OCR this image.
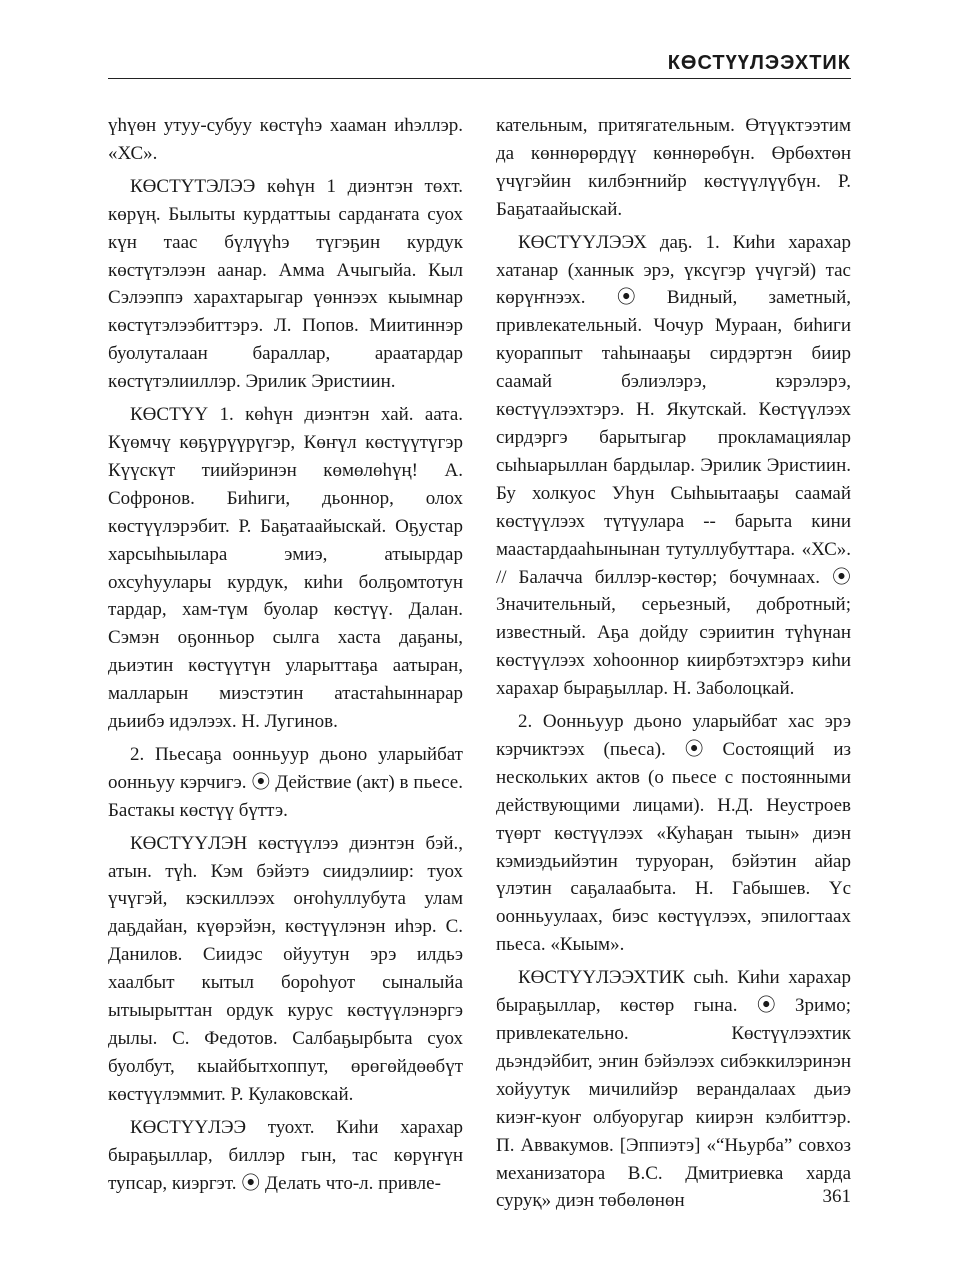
КӨСТҮҮЛЭЭХТИК

үһүөн утуу-субуу көстүһэ хааман иһэллэр. «ХС».

КӨСТҮТЭЛЭЭ көһүн 1 диэнтэн төхт. көрүң. Былыты курдаттыы сардаҥата суох күн таас бүлүүһэ түгэҕин курдук көстүтэлээн аанар. Амма Ачыгыйа. Кыл Сэлээппэ харахтарыгар үөннээх кыымнар көстүтэлээбиттэрэ. Л. Попов. Миитиннэр буолуталаан бараллар, араатардар көстүтэлииллэр. Эрилик Эристиин.

КӨСТҮҮ 1. көһүн диэнтэн хай. аата. Күөмчү көҕүрүүрүгэр, Көҥүл көстүүтүгэр Күүскүт тиийэринэн көмөлөһүң! А. Софронов. Биһиги, дьоннор, олох көстүүлэрэбит. Р. Баҕатаайыскай. Оҕустар харсыһыылара эмиэ, атыырдар охсуһуулары курдук, киһи болҕомтотун тардар, хам-түм буолар көстүү. Далан. Сэмэн оҕонньор сылга хаста даҕаны, дьиэтин көстүүтүн уларыттаҕа аатыран, малларын миэстэтин атастаһыннарар дьиибэ идэлээх. Н. Лугинов.

2. Пьесаҕа оонньуур дьоно уларыйбат оонньуу кэрчигэ. ⦿ Действие (акт) в пьесе. Бастакы көстүү бүттэ.

КӨСТҮҮЛЭН көстүүлээ диэнтэн бэй., атын. түһ. Кэм бэйэтэ сиидэлиир: туох үчүгэй, кэскиллээх оҥоһуллубута улам даҕдайан, күөрэйэн, көстүүлэнэн иһэр. С. Данилов. Сиидэс ойуутун эрэ илдьэ хаалбыт кытыл бороһуот сыналыйа ытыырыттан ордук курус көстүүлэнэргэ дылы. С. Федотов. Салбаҕырбыта суох буолбут, кыайбытхоппут, өрөгөйдөөбүт көстүүлэммит. Р. Кулаковскай.

КӨСТҮҮЛЭЭ туохт. Киһи харахар быраҕыллар, биллэр гын, тас көрүҥүн тупсар, киэргэт. ⦿ Делать что-л. привле-

кательным, притягательным. Өтүүктээтим да көннөрөрдүү көннөрөбүн. Өрбөхтөн үчүгэйин килбэҥнийр көстүүлүүбүн. Р. Баҕатаайыскай.

КӨСТҮҮЛЭЭХ даҕ. 1. Киһи харахар хатанар (ханнык эрэ, үксүгэр үчүгэй) тас көрүҥнээх. ⦿ Видный, заметный, привлекательный. Чочур Мураан, биһиги куораппыт таһынааҕы сирдэртэн биир саамай бэлиэлэрэ, кэрэлэрэ, көстүүлээхтэрэ. Н. Якутскай. Көстүүлээх сирдэргэ барытыгар прокламациялар сыһыарыллан бардылар. Эрилик Эристиин. Бу холкуос Уһун Сыһыытааҕы саамай көстүүлээх түтүулара -- барыта кини маастардааһынынан тутуллубуттара. «ХС». // Балачча биллэр-көстөр; бочумнаах. ⦿ Значительный, серьезный, добротный; известный. Аҕа дойду сэриитин түһүнан көстүүлээх хоһооннор киирбэтэхтэрэ киһи харахар быраҕыллар. Н. Заболоцкай.

2. Оонньуур дьоно уларыйбат хас эрэ кэрчиктээх (пьеса). ⦿ Состоящий из нескольких актов (о пьесе с постоянными действующими лицами). Н.Д. Неустроев түөрт көстүүлээх «Куһаҕан тыын» диэн кэмиэдьийэтин туруоран, бэйэтин айар үлэтин саҕалаабыта. Н. Габышев. Үс оонньуулаах, биэс көстүүлээх, эпилогтаах пьеса. «Кыым».

КӨСТҮҮЛЭЭХТИК сыһ. Киһи харахар быраҕыллар, көстөр гына. ⦿ Зримо; привлекательно. Көстүүлээхтик дьэндэйбит, эҥин бэйэлээх сибэккилэринэн хойуутук мичилийэр верандалаах дьиэ киэҥ-куоҥ олбуоругар киирэн кэлбиттэр. П. Аввакумов. [Эппиэтэ] «“Ньурба” совхоз механизатора В.С. Дмитриевка харда суруқ» диэн төбөлөнөн	361
